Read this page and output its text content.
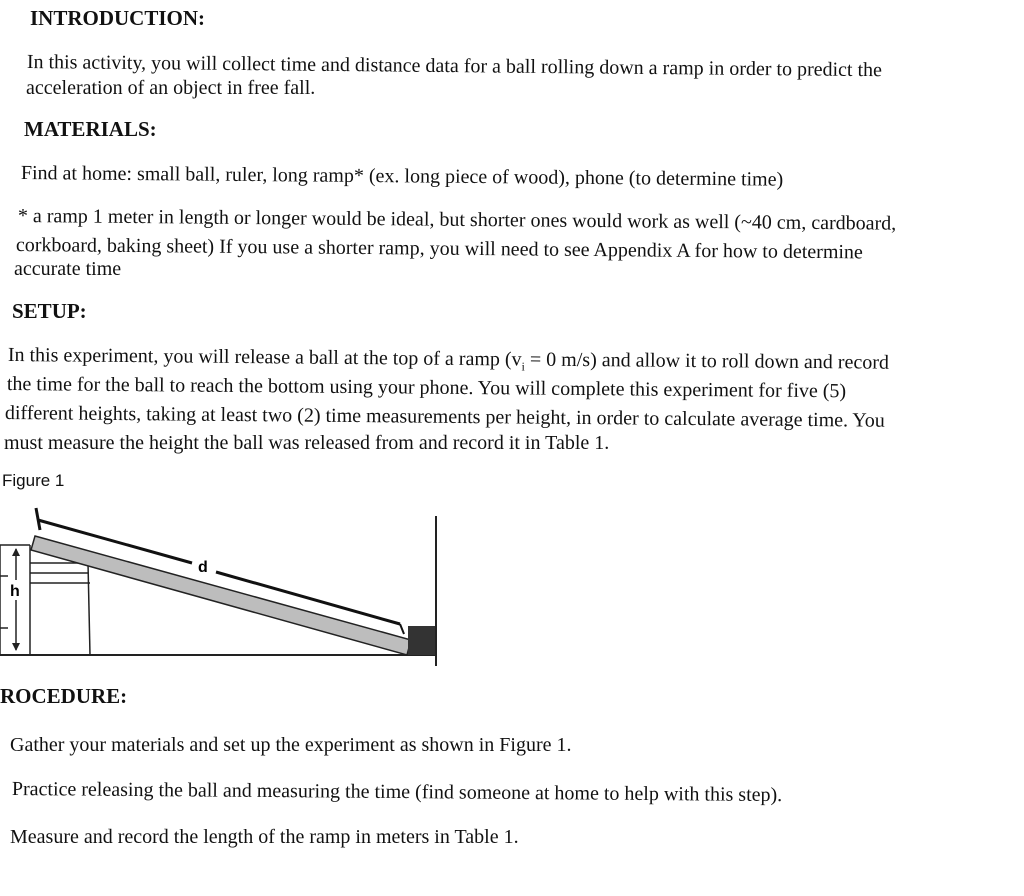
INTRODUCTION:
In this activity, you will collect time and distance data for a ball rolling down a ramp in order to predict the
acceleration of an object in free fall.
MATERIALS:
Find at home: small ball, ruler, long ramp* (ex. long piece of wood), phone (to determine time)
* a ramp 1 meter in length or longer would be ideal, but shorter ones would work as well (~40 cm, cardboard,
corkboard, baking sheet) If you use a shorter ramp, you will need to see Appendix A for how to determine
accurate time
SETUP:
In this experiment, you will release a ball at the top of a ramp ($v_i = 0$ m/s) and allow it to roll down and record
the time for the ball to reach the bottom using your phone. You will complete this experiment for five (5)
different heights, taking at least two (2) time measurements per height, in order to calculate average time. You
must measure the height the ball was released from and record it in Table 1.
Figure 1
h
d
ROCEDURE:
Gather your materials and set up the experiment as shown in Figure 1.
Practice releasing the ball and measuring the time (find someone at home to help with this step).
Measure and record the length of the ramp in meters in Table 1.
